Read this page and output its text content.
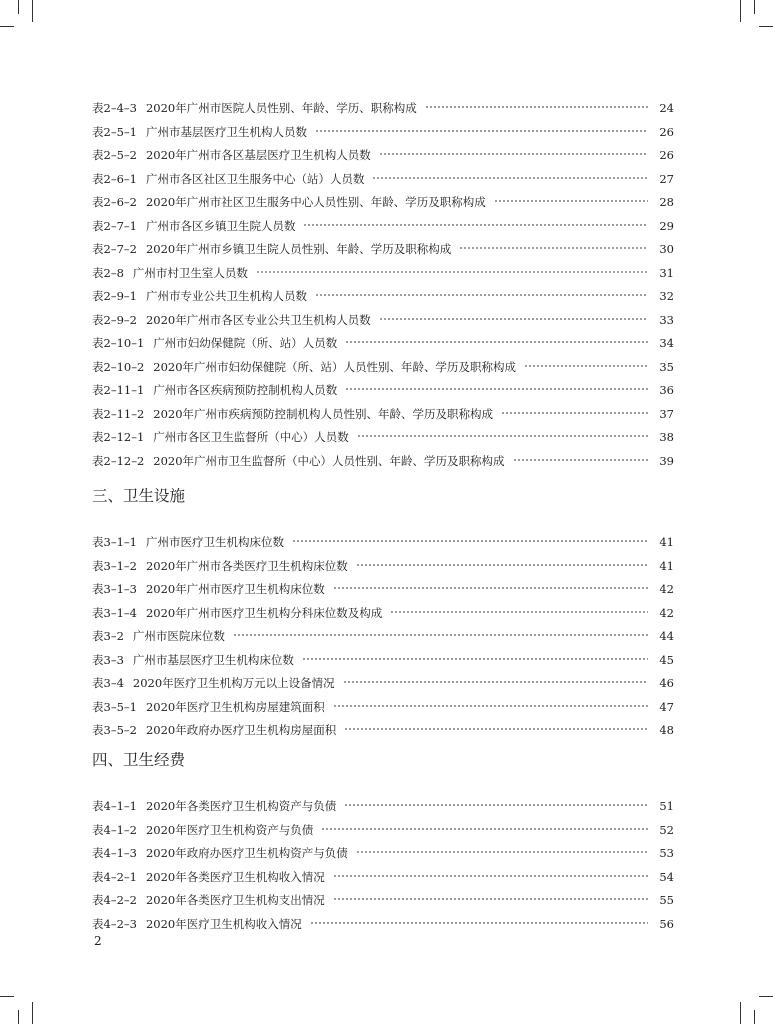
表2–4–3 2020年广州市医院人员性别、年龄、学历、职称构成	24
表2–5–1 广州市基层医疗卫生机构人员数	26
表2–5–2 2020年广州市各区基层医疗卫生机构人员数	26
表2–6–1 广州市各区社区卫生服务中心（站）人员数	27
表2–6–2 2020年广州市社区卫生服务中心人员性别、年龄、学历及职称构成	28
表2–7–1 广州市各区乡镇卫生院人员数	29
表2–7–2 2020年广州市乡镇卫生院人员性别、年龄、学历及职称构成	30
表2–8 广州市村卫生室人员数	31
表2–9–1 广州市专业公共卫生机构人员数	32
表2–9–2 2020年广州市各区专业公共卫生机构人员数	33
表2–10–1 广州市妇幼保健院（所、站）人员数	34
表2–10–2 2020年广州市妇幼保健院（所、站）人员性别、年龄、学历及职称构成	35
表2–11–1 广州市各区疾病预防控制机构人员数	36
表2–11–2 2020年广州市疾病预防控制机构人员性别、年龄、学历及职称构成	37
表2–12–1 广州市各区卫生监督所（中心）人员数	38
表2–12–2 2020年广州市卫生监督所（中心）人员性别、年龄、学历及职称构成	39
三、卫生设施
表3–1–1 广州市医疗卫生机构床位数	41
表3–1–2 2020年广州市各类医疗卫生机构床位数	41
表3–1–3 2020年广州市医疗卫生机构床位数	42
表3–1–4 2020年广州市医疗卫生机构分科床位数及构成	42
表3–2 广州市医院床位数	44
表3–3 广州市基层医疗卫生机构床位数	45
表3–4 2020年医疗卫生机构万元以上设备情况	46
表3–5–1 2020年医疗卫生机构房屋建筑面积	47
表3–5–2 2020年政府办医疗卫生机构房屋面积	48
四、卫生经费
表4–1–1 2020年各类医疗卫生机构资产与负债	51
表4–1–2 2020年医疗卫生机构资产与负债	52
表4–1–3 2020年政府办医疗卫生机构资产与负债	53
表4–2–1 2020年各类医疗卫生机构收入情况	54
表4–2–2 2020年各类医疗卫生机构支出情况	55
表4–2–3 2020年医疗卫生机构收入情况	56
2
